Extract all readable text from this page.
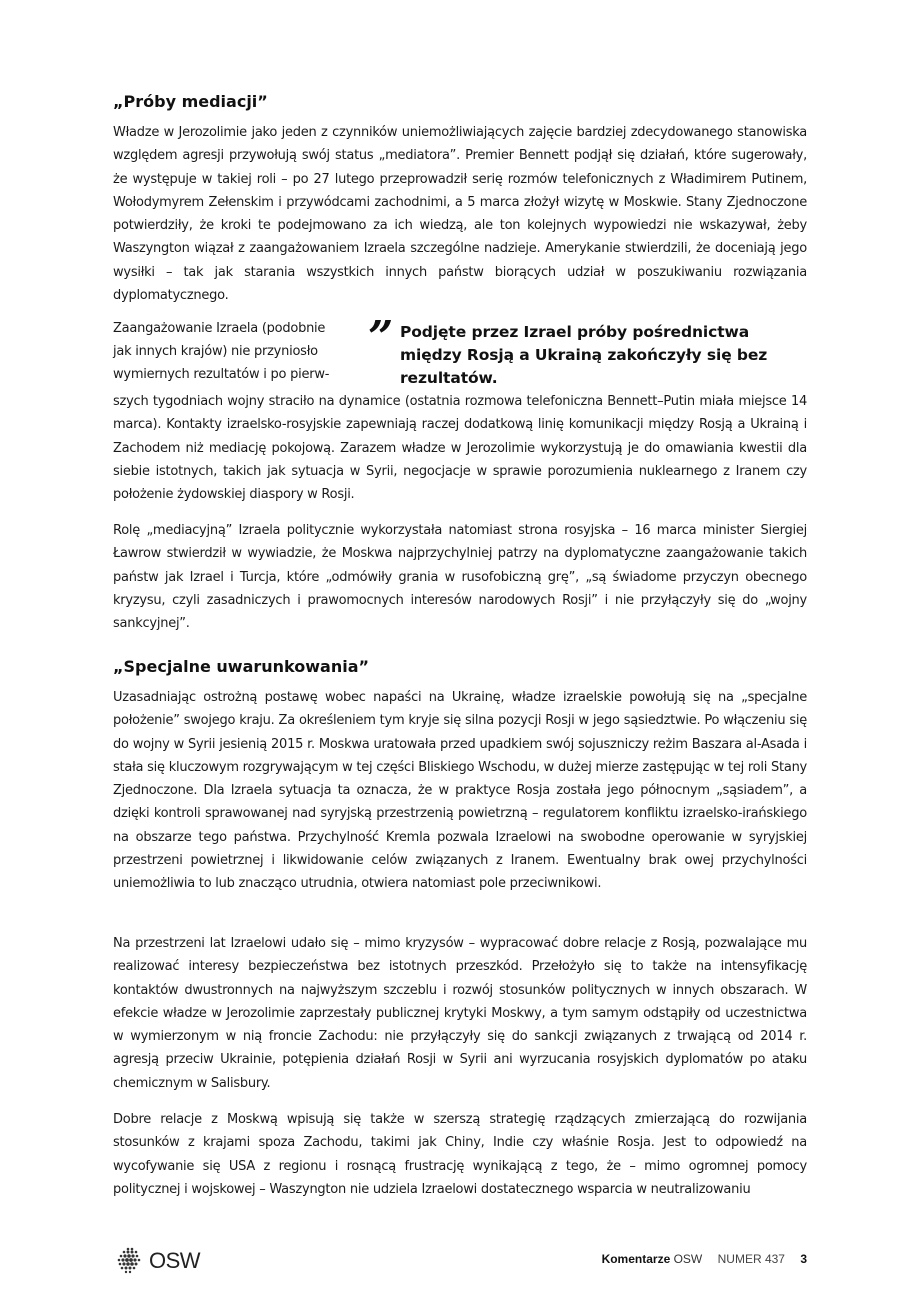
„Próby mediacji”

Władze w Jerozolimie jako jeden z czynników uniemożliwiających zajęcie bardziej zdecydowanego stanowiska względem agresji przywołują swój status „mediatora”. Premier Bennett podjął się działań, które sugerowały, że występuje w takiej roli – po 27 lutego przeprowadził serię rozmów telefonicznych z Władimirem Putinem, Wołodymyrem Zełenskim i przywódcami zachodnimi, a 5 marca złożył wizytę w Moskwie. Stany Zjednoczone potwierdziły, że kroki te podejmowano za ich wiedzą, ale ton kolejnych wypowiedzi nie wskazywał, żeby Waszyngton wiązał z zaangażowaniem Izraela szczególne nadzieje. Amerykanie stwierdzili, że doceniają jego wysiłki – tak jak starania wszystkich innych państw biorących udział w poszukiwaniu rozwiązania dyplomatycznego.

Zaangażowanie Izraela (podobnie

jak innych krajów) nie przyniosło

wymiernych rezultatów i po pierw-

” Podjęte przez Izrael próby pośrednictwa między Rosją a Ukrainą zakończyły się bez rezultatów.

szych tygodniach wojny straciło na dynamice (ostatnia rozmowa telefoniczna Bennett–Putin miała miejsce 14 marca). Kontakty izraelsko-rosyjskie zapewniają raczej dodatkową linię komunikacji między Rosją a Ukrainą i Zachodem niż mediację pokojową. Zarazem władze w Jerozolimie wykorzystują je do omawiania kwestii dla siebie istotnych, takich jak sytuacja w Syrii, negocjacje w sprawie porozumienia nuklearnego z Iranem czy położenie żydowskiej diaspory w Rosji.

Rolę „mediacyjną” Izraela politycznie wykorzystała natomiast strona rosyjska – 16 marca minister Siergiej Ławrow stwierdził w wywiadzie, że Moskwa najprzychylniej patrzy na dyplomatyczne zaangażowanie takich państw jak Izrael i Turcja, które „odmówiły grania w rusofobiczną grę”, „są świadome przyczyn obecnego kryzysu, czyli zasadniczych i prawomocnych interesów narodowych Rosji” i nie przyłączyły się do „wojny sankcyjnej”.

„Specjalne uwarunkowania”

Uzasadniając ostrożną postawę wobec napaści na Ukrainę, władze izraelskie powołują się na „specjalne położenie” swojego kraju. Za określeniem tym kryje się silna pozycji Rosji w jego sąsiedztwie. Po włączeniu się do wojny w Syrii jesienią 2015 r. Moskwa uratowała przed upadkiem swój sojuszniczy reżim Baszara al-Asada i stała się kluczowym rozgrywającym w tej części Bliskiego Wschodu, w dużej mierze zastępując w tej roli Stany Zjednoczone. Dla Izraela sytuacja ta oznacza, że w praktyce Rosja została jego północnym „sąsiadem”, a dzięki kontroli sprawowanej nad syryjską przestrzenią powietrzną – regulatorem konfliktu izraelsko-irańskiego na obszarze tego państwa. Przychylność Kremla pozwala Izraelowi na swobodne operowanie w syryjskiej przestrzeni powietrznej i likwidowanie celów związanych z Iranem. Ewentualny brak owej przychylności uniemożliwia to lub znacząco utrudnia, otwiera natomiast pole przeciwnikowi.

Na przestrzeni lat Izraelowi udało się – mimo kryzysów – wypracować dobre relacje z Rosją, pozwalające mu realizować interesy bezpieczeństwa bez istotnych przeszkód. Przełożyło się to także na intensyfikację kontaktów dwustronnych na najwyższym szczeblu i rozwój stosunków politycznych w innych obszarach. W efekcie władze w Jerozolimie zaprzestały publicznej krytyki Moskwy, a tym samym odstąpiły od uczestnictwa w wymierzonym w nią froncie Zachodu: nie przyłączyły się do sankcji związanych z trwającą od 2014 r. agresją przeciw Ukrainie, potępienia działań Rosji w Syrii ani wyrzucania rosyjskich dyplomatów po ataku chemicznym w Salisbury.

Dobre relacje z Moskwą wpisują się także w szerszą strategię rządzących zmierzającą do rozwijania stosunków z krajami spoza Zachodu, takimi jak Chiny, Indie czy właśnie Rosja. Jest to odpowiedź na wycofywanie się USA z regionu i rosnącą frustrację wynikającą z tego, że – mimo ogromnej pomocy politycznej i wojskowej – Waszyngton nie udziela Izraelowi dostatecznego wsparcia w neutralizowaniu

OSW	Komentarze OSW NUMER 437 3
